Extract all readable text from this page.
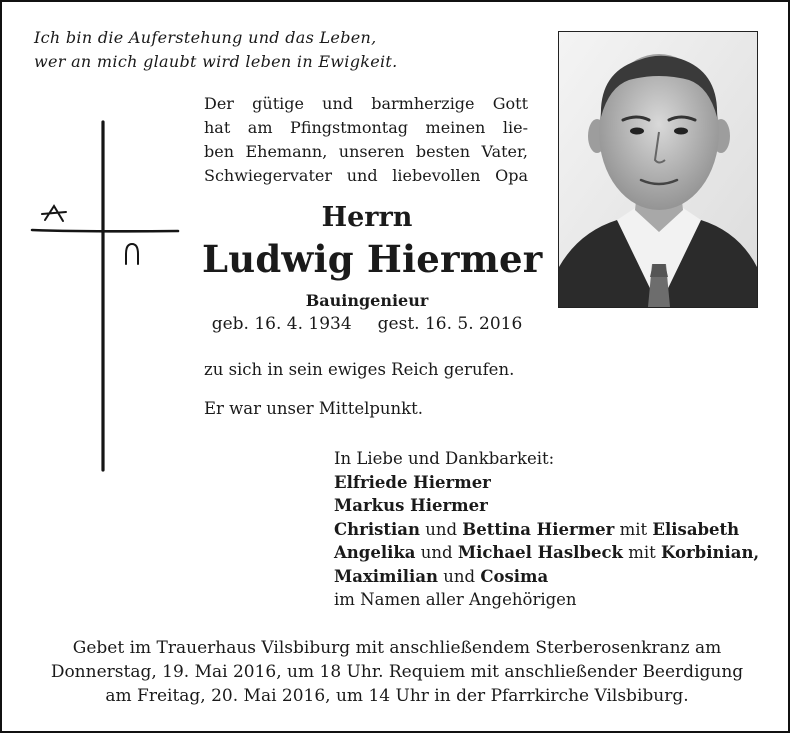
Ich bin die Auferstehung und das Leben,
wer an mich glaubt wird leben in Ewigkeit.
Der gütige und barmherzige Gott
hat am Pfingstmontag meinen lie-
ben Ehemann, unseren besten Vater,
Schwiegervater und liebevollen Opa
Herrn
Ludwig Hiermer
Bauingenieur
geb. 16. 4. 1934 gest. 16. 5. 2016
zu sich in sein ewiges Reich gerufen.
Er war unser Mittelpunkt.
In Liebe und Dankbarkeit:
Elfriede Hiermer
Markus Hiermer
Christian und Bettina Hiermer mit Elisabeth
Angelika und Michael Haslbeck mit Korbinian,
Maximilian und Cosima
im Namen aller Angehörigen
Gebet im Trauerhaus Vilsbiburg mit anschließendem Sterberosenkranz am
Donnerstag, 19. Mai 2016, um 18 Uhr. Requiem mit anschließender Beerdigung
am Freitag, 20. Mai 2016, um 14 Uhr in der Pfarrkirche Vilsbiburg.
